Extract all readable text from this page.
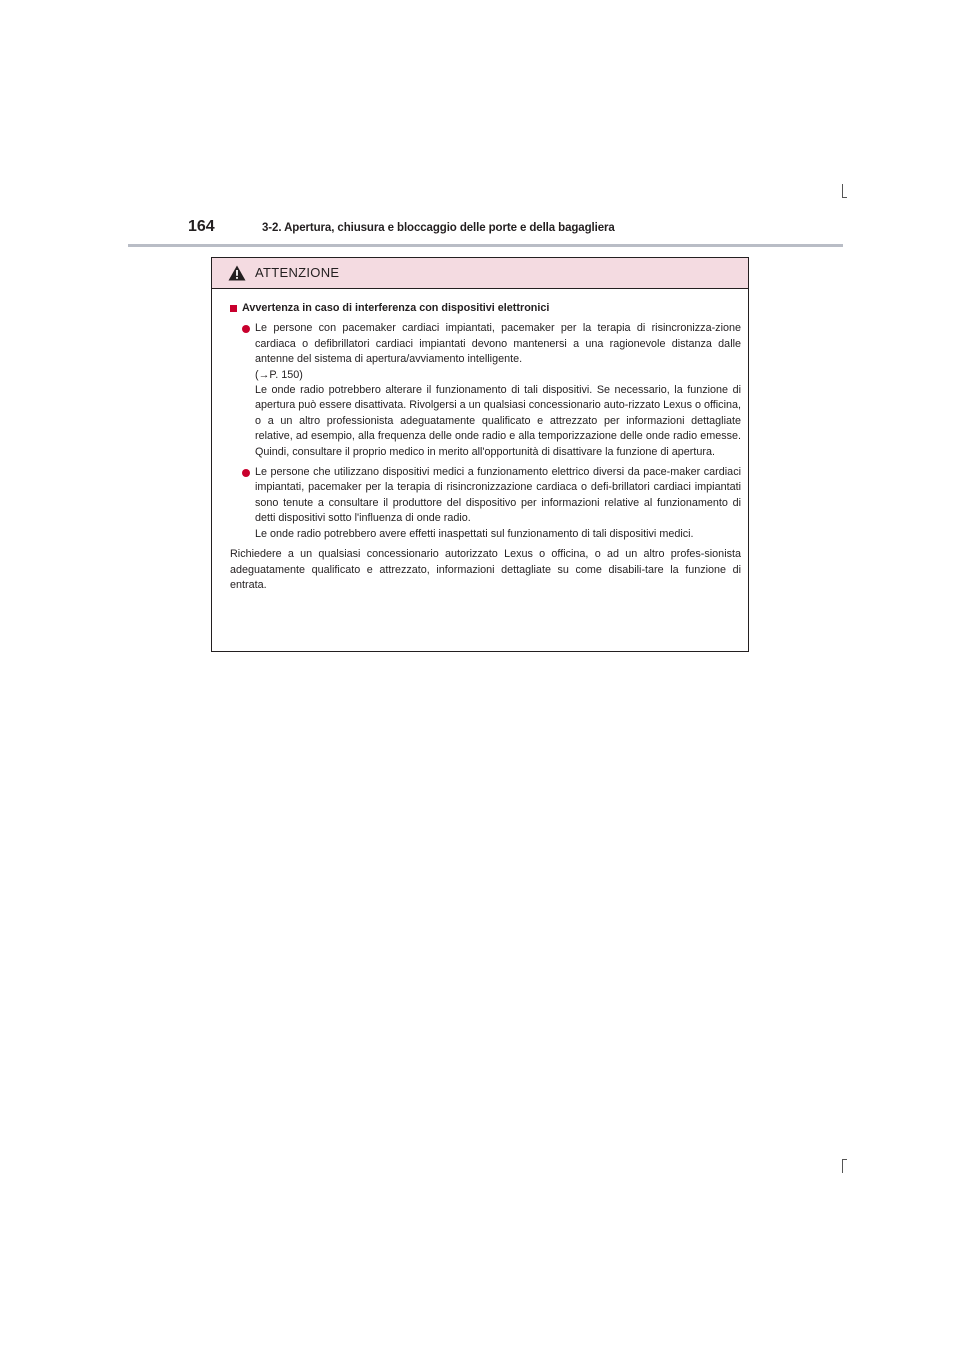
164	3-2. Apertura, chiusura e bloccaggio delle porte e della bagagliera
ATTENZIONE
Avvertenza in caso di interferenza con dispositivi elettronici

Le persone con pacemaker cardiaci impiantati, pacemaker per la terapia di risincronizza-zione cardiaca o defibrillatori cardiaci impiantati devono mantenersi a una ragionevole distanza dalle antenne del sistema di apertura/avviamento intelligente.

(→P. 150)

Le onde radio potrebbero alterare il funzionamento di tali dispositivi. Se necessario, la funzione di apertura può essere disattivata. Rivolgersi a un qualsiasi concessionario auto-rizzato Lexus o officina, o a un altro professionista adeguatamente qualificato e attrezzato per informazioni dettagliate relative, ad esempio, alla frequenza delle onde radio e alla temporizzazione delle onde radio emesse. Quindi, consultare il proprio medico in merito all'opportunità di disattivare la funzione di apertura.

Le persone che utilizzano dispositivi medici a funzionamento elettrico diversi da pace-maker cardiaci impiantati, pacemaker per la terapia di risincronizzazione cardiaca o defi-brillatori cardiaci impiantati sono tenute a consultare il produttore del dispositivo per informazioni relative al funzionamento di detti dispositivi sotto l'influenza di onde radio.

Le onde radio potrebbero avere effetti inaspettati sul funzionamento di tali dispositivi medici.

Richiedere a un qualsiasi concessionario autorizzato Lexus o officina, o ad un altro profes-sionista adeguatamente qualificato e attrezzato, informazioni dettagliate su come disabili-tare la funzione di entrata.
